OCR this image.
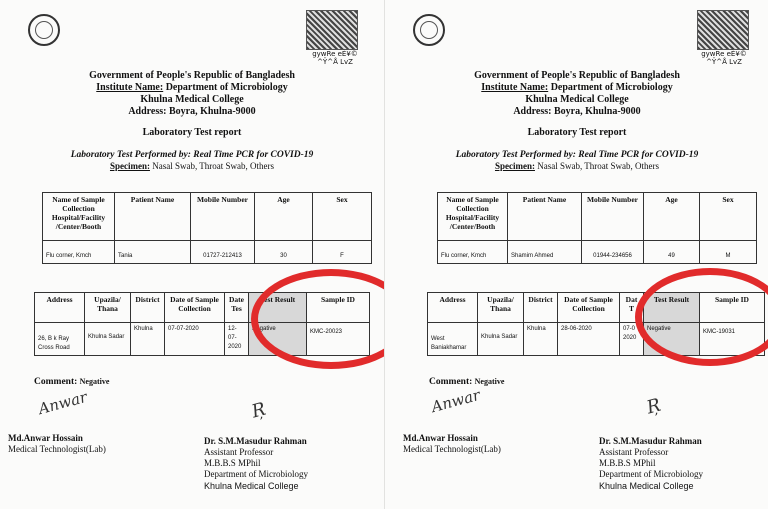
gywRe eÈ¥©
^Ÿ^Å LvZ
Government of People's Republic of Bangladesh
Institute Name: Department of Microbiology
Khulna Medical College
Address: Boyra, Khulna-9000
Laboratory Test report
Laboratory Test Performed by: Real Time PCR for COVID-19
Specimen: Nasal Swab, Throat Swab, Others
Name of Sample Collection Hospital/Facility /Center/Booth	Patient Name	Mobile Number	Age	Sex
Flu corner, Kmch	Tania	01727-212413	30	F
Address	Upazila/ Thana	District	Date of Sample Collection	Date Tes	Test Result	Sample ID
26, B k Ray Cross Road	Khulna Sadar	Khulna	07-07-2020	12-07-2020	Negative	KMC-20023
Comment: Negative
Anwar	Ŗ
Md.Anwar Hossain
Medical Technologist(Lab)
Dr. S.M.Masudur Rahman
Assistant Professor
M.B.B.S MPhil
Department of Microbiology
Khulna Medical College
gywRe eÈ¥©
^Ÿ^Å LvZ
Government of People's Republic of Bangladesh
Institute Name: Department of Microbiology
Khulna Medical College
Address: Boyra, Khulna-9000
Laboratory Test report
Laboratory Test Performed by: Real Time PCR for COVID-19
Specimen: Nasal Swab, Throat Swab, Others
Name of Sample Collection Hospital/Facility /Center/Booth	Patient Name	Mobile Number	Age	Sex
Flu corner, Kmch	Shamim Ahmed	01944-234656	49	M
Address	Upazila/ Thana	District	Date of Sample Collection	Dat T	Test Result	Sample ID
West Baniakhamar	Khulna Sadar	Khulna	28-06-2020	07-0 2020	Negative	KMC-19031
Comment: Negative
Anwar	Ŗ
Md.Anwar Hossain
Medical Technologist(Lab)
Dr. S.M.Masudur Rahman
Assistant Professor
M.B.B.S MPhil
Department of Microbiology
Khulna Medical College
